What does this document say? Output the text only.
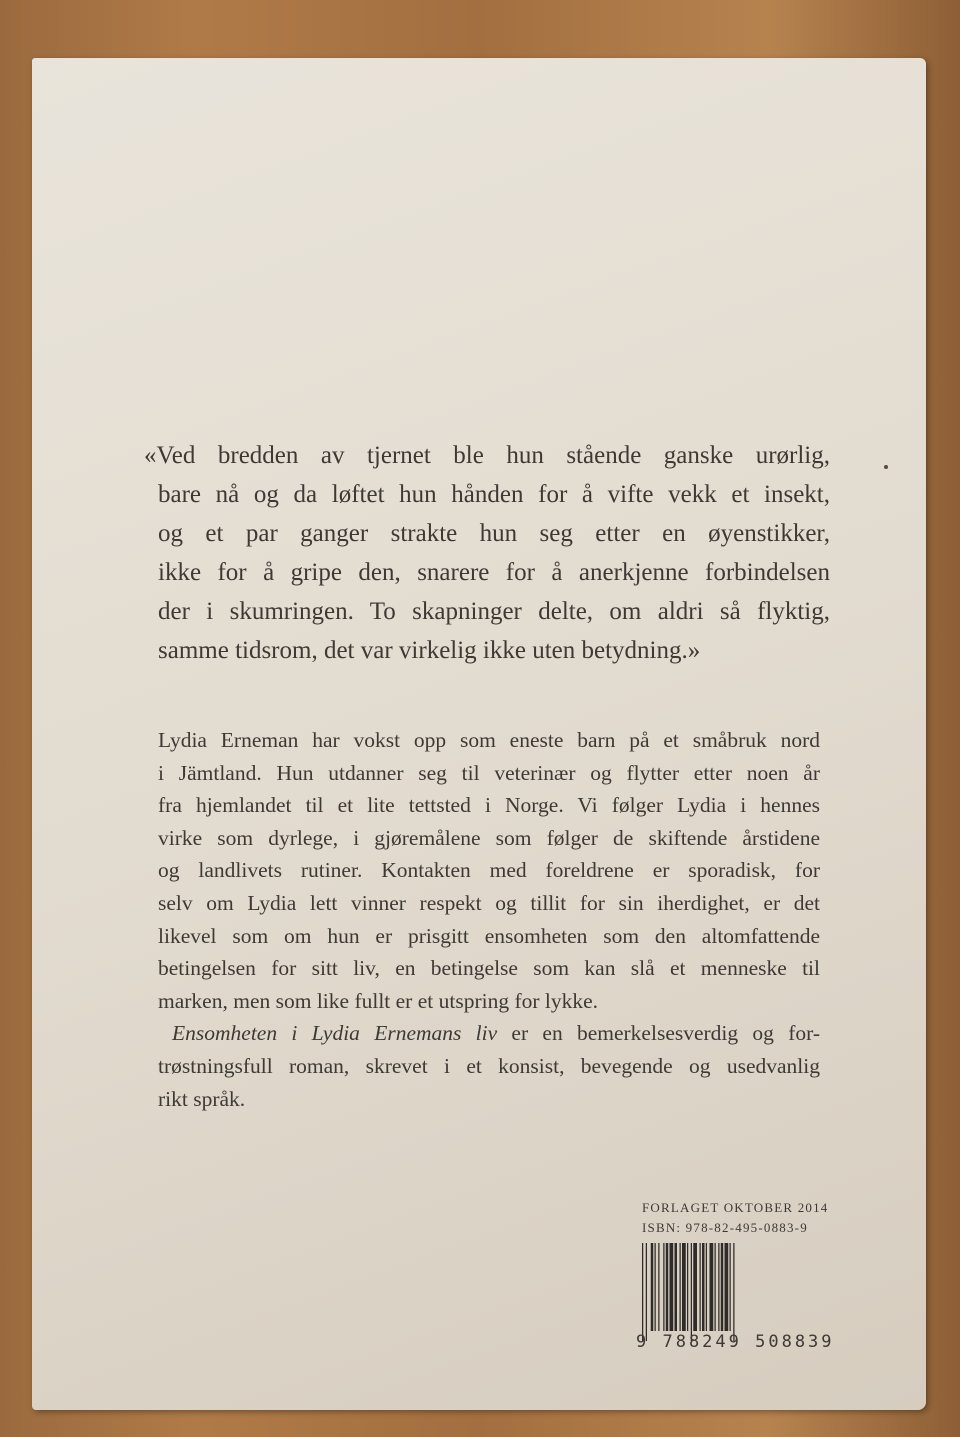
«Ved bredden av tjernet ble hun stående ganske urørlig,
bare nå og da løftet hun hånden for å vifte vekk et insekt,
og et par ganger strakte hun seg etter en øyenstikker,
ikke for å gripe den, snarere for å anerkjenne forbindelsen
der i skumringen. To skapninger delte, om aldri så flyktig,
samme tidsrom, det var virkelig ikke uten betydning.»
Lydia Erneman har vokst opp som eneste barn på et småbruk nord
i Jämtland. Hun utdanner seg til veterinær og flytter etter noen år
fra hjemlandet til et lite tettsted i Norge. Vi følger Lydia i hennes
virke som dyrlege, i gjøremålene som følger de skiftende årstidene
og landlivets rutiner. Kontakten med foreldrene er sporadisk, for
selv om Lydia lett vinner respekt og tillit for sin iherdighet, er det
likevel som om hun er prisgitt ensomheten som den altomfattende
betingelsen for sitt liv, en betingelse som kan slå et menneske til
marken, men som like fullt er et utspring for lykke.
Ensomheten i Lydia Ernemans liv er en bemerkelsesverdig og for-
trøstningsfull roman, skrevet i et konsist, bevegende og usedvanlig
rikt språk.
FORLAGET OKTOBER 2014
ISBN: 978-82-495-0883-9
9 788249 508839
